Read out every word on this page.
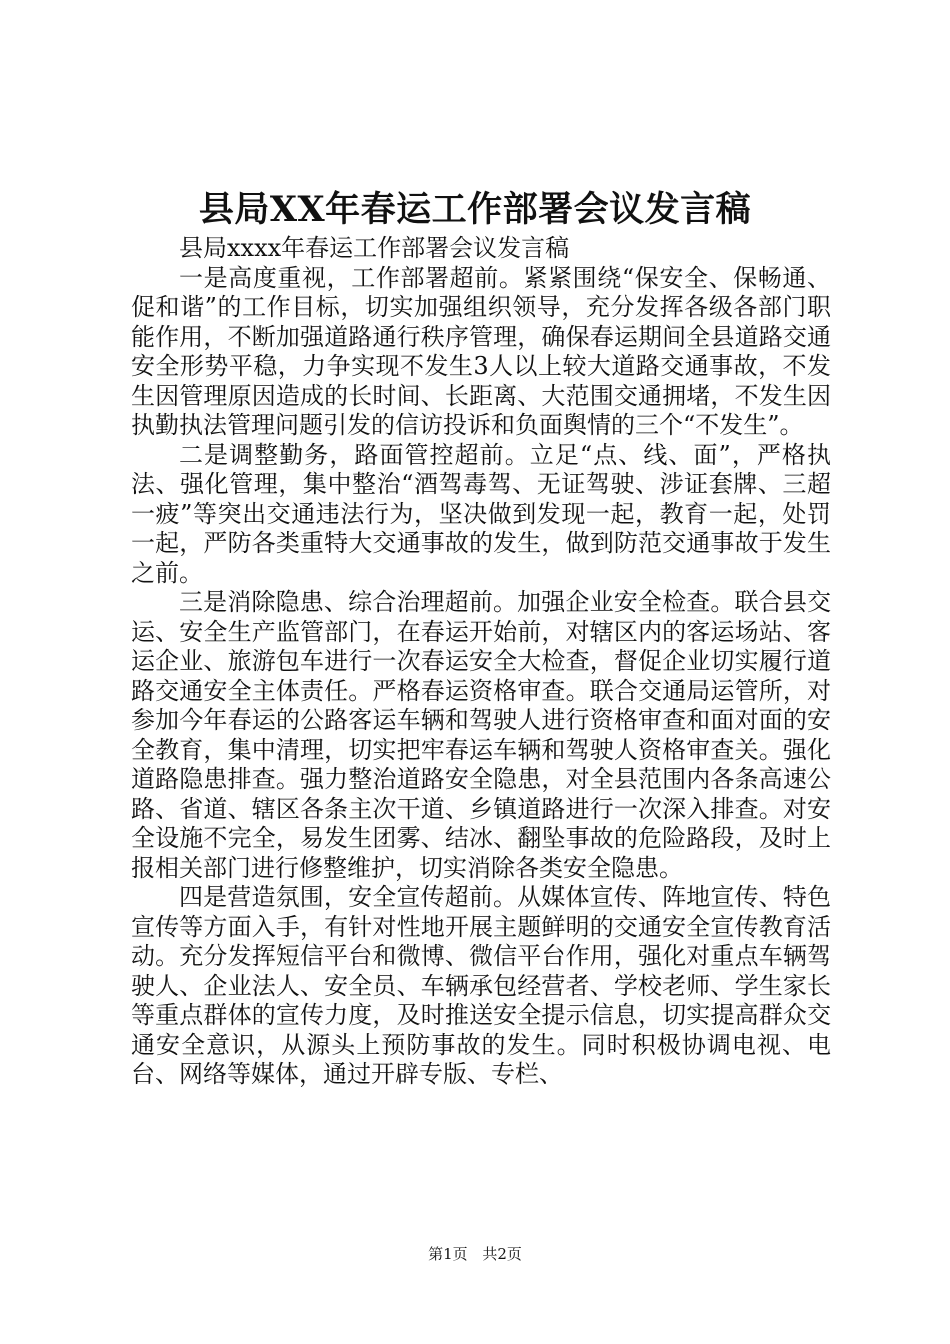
县局XX年春运工作部署会议发言稿

县局xxxx年春运工作部署会议发言稿

一是高度重视，工作部署超前。紧紧围绕“保安全、保畅通、促和谐”的工作目标，切实加强组织领导，充分发挥各级各部门职能作用，不断加强道路通行秩序管理，确保春运期间全县道路交通安全形势平稳，力争实现不发生3人以上较大道路交通事故，不发生因管理原因造成的长时间、长距离、大范围交通拥堵，不发生因执勤执法管理问题引发的信访投诉和负面舆情的三个“不发生”。

二是调整勤务，路面管控超前。立足“点、线、面”，严格执法、强化管理，集中整治“酒驾毒驾、无证驾驶、涉证套牌、三超一疲”等突出交通违法行为，坚决做到发现一起，教育一起，处罚一起，严防各类重特大交通事故的发生，做到防范交通事故于发生之前。

三是消除隐患、综合治理超前。加强企业安全检查。联合县交运、安全生产监管部门，在春运开始前，对辖区内的客运场站、客运企业、旅游包车进行一次春运安全大检查，督促企业切实履行道路交通安全主体责任。严格春运资格审查。联合交通局运管所，对参加今年春运的公路客运车辆和驾驶人进行资格审查和面对面的安全教育，集中清理，切实把牢春运车辆和驾驶人资格审查关。强化道路隐患排查。强力整治道路安全隐患，对全县范围内各条高速公路、省道、辖区各条主次干道、乡镇道路进行一次深入排查。对安全设施不完全，易发生团雾、结冰、翻坠事故的危险路段，及时上报相关部门进行修整维护，切实消除各类安全隐患。

四是营造氛围，安全宣传超前。从媒体宣传、阵地宣传、特色宣传等方面入手，有针对性地开展主题鲜明的交通安全宣传教育活动。充分发挥短信平台和微博、微信平台作用，强化对重点车辆驾驶人、企业法人、安全员、车辆承包经营者、学校老师、学生家长等重点群体的宣传力度，及时推送安全提示信息，切实提高群众交通安全意识，从源头上预防事故的发生。同时积极协调电视、电台、网络等媒体，通过开辟专版、专栏、

第1页 共2页
